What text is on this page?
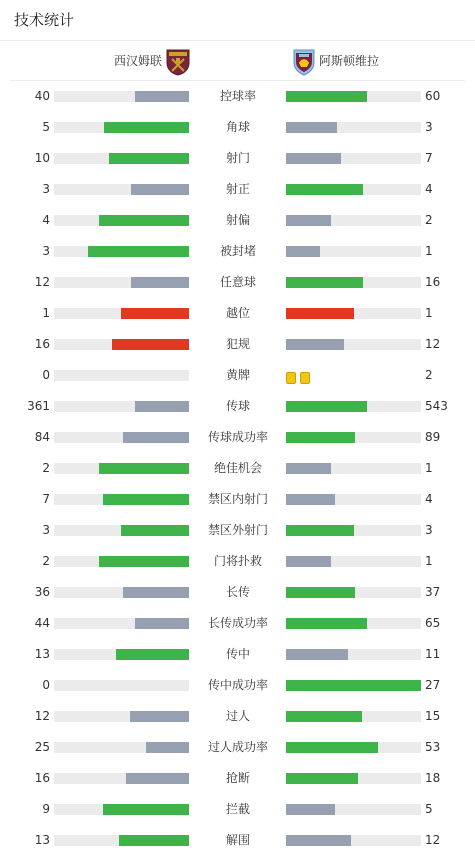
技术统计
西汉姆联	阿斯顿维拉
40	控球率	60
5	角球	3
10	射门	7
3	射正	4
4	射偏	2
3	被封堵	1
12	任意球	16
1	越位	1
16	犯规	12
0	黄牌	2
361	传球	543
84	传球成功率	89
2	绝佳机会	1
7	禁区内射门	4
3	禁区外射门	3
2	门将扑救	1
36	长传	37
44	长传成功率	65
13	传中	11
0	传中成功率	27
12	过人	15
25	过人成功率	53
16	抢断	18
9	拦截	5
13	解围	12
